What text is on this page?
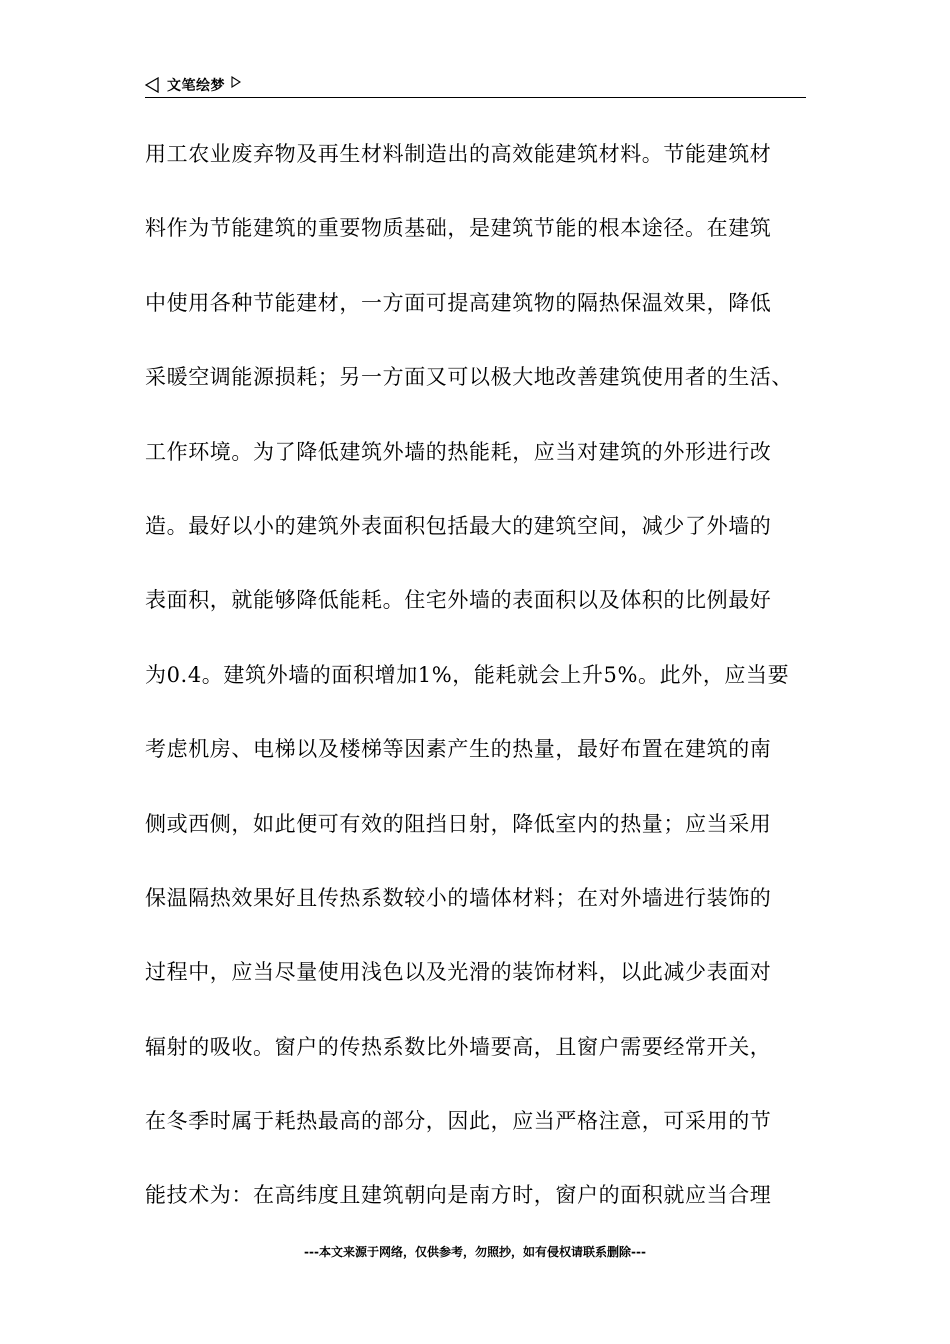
文笔绘梦
用工农业废弃物及再生材料制造出的高效能建筑材料。节能建筑材
料作为节能建筑的重要物质基础，是建筑节能的根本途径。在建筑
中使用各种节能建材，一方面可提高建筑物的隔热保温效果，降低
采暖空调能源损耗；另一方面又可以极大地改善建筑使用者的生活、
工作环境。为了降低建筑外墙的热能耗，应当对建筑的外形进行改
造。最好以小的建筑外表面积包括最大的建筑空间，减少了外墙的
表面积，就能够降低能耗。住宅外墙的表面积以及体积的比例最好
为0.4。建筑外墙的面积增加1%，能耗就会上升5%。此外，应当要
考虑机房、电梯以及楼梯等因素产生的热量，最好布置在建筑的南
侧或西侧，如此便可有效的阻挡日射，降低室内的热量；应当采用
保温隔热效果好且传热系数较小的墙体材料；在对外墙进行装饰的
过程中，应当尽量使用浅色以及光滑的装饰材料，以此减少表面对
辐射的吸收。窗户的传热系数比外墙要高，且窗户需要经常开关，
在冬季时属于耗热最高的部分，因此，应当严格注意，可采用的节
能技术为：在高纬度且建筑朝向是南方时，窗户的面积就应当合理
---本文来源于网络，仅供参考，勿照抄，如有侵权请联系删除---
